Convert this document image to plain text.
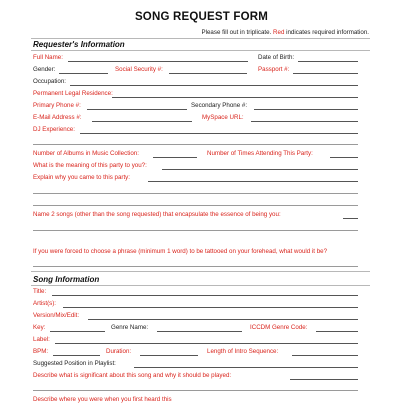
SONG REQUEST FORM
Please fill out in triplicate. Red indicates required information.
Requester's Information
Full Name:	Date of Birth:
Gender:	Social Security #:	Passport #:
Occupation:
Permanent Legal Residence:
Primary Phone #:	Secondary Phone #:
E-Mail Address #:	MySpace URL:
DJ Experience:
Number of Albums in Music Collection:	Number of Times Attending This Party:
What is the meaning of this party to you?:
Explain why you came to this party:
Name 2 songs (other than the song requested) that encapsulate the essence of being you:
If you were forced to choose a phrase (minimum 1 word) to be tattooed on your forehead, what would it be?
Song Information
Title:
Artist(s):
Version/Mix/Edit:
Key:	Genre Name:	ICCDM Genre Code:
Label:
BPM:	Duration:	Length of Intro Sequence:
Suggested Position in Playlist:
Describe what is significant about this song and why it should be played:
Describe where you were when you first heard this
